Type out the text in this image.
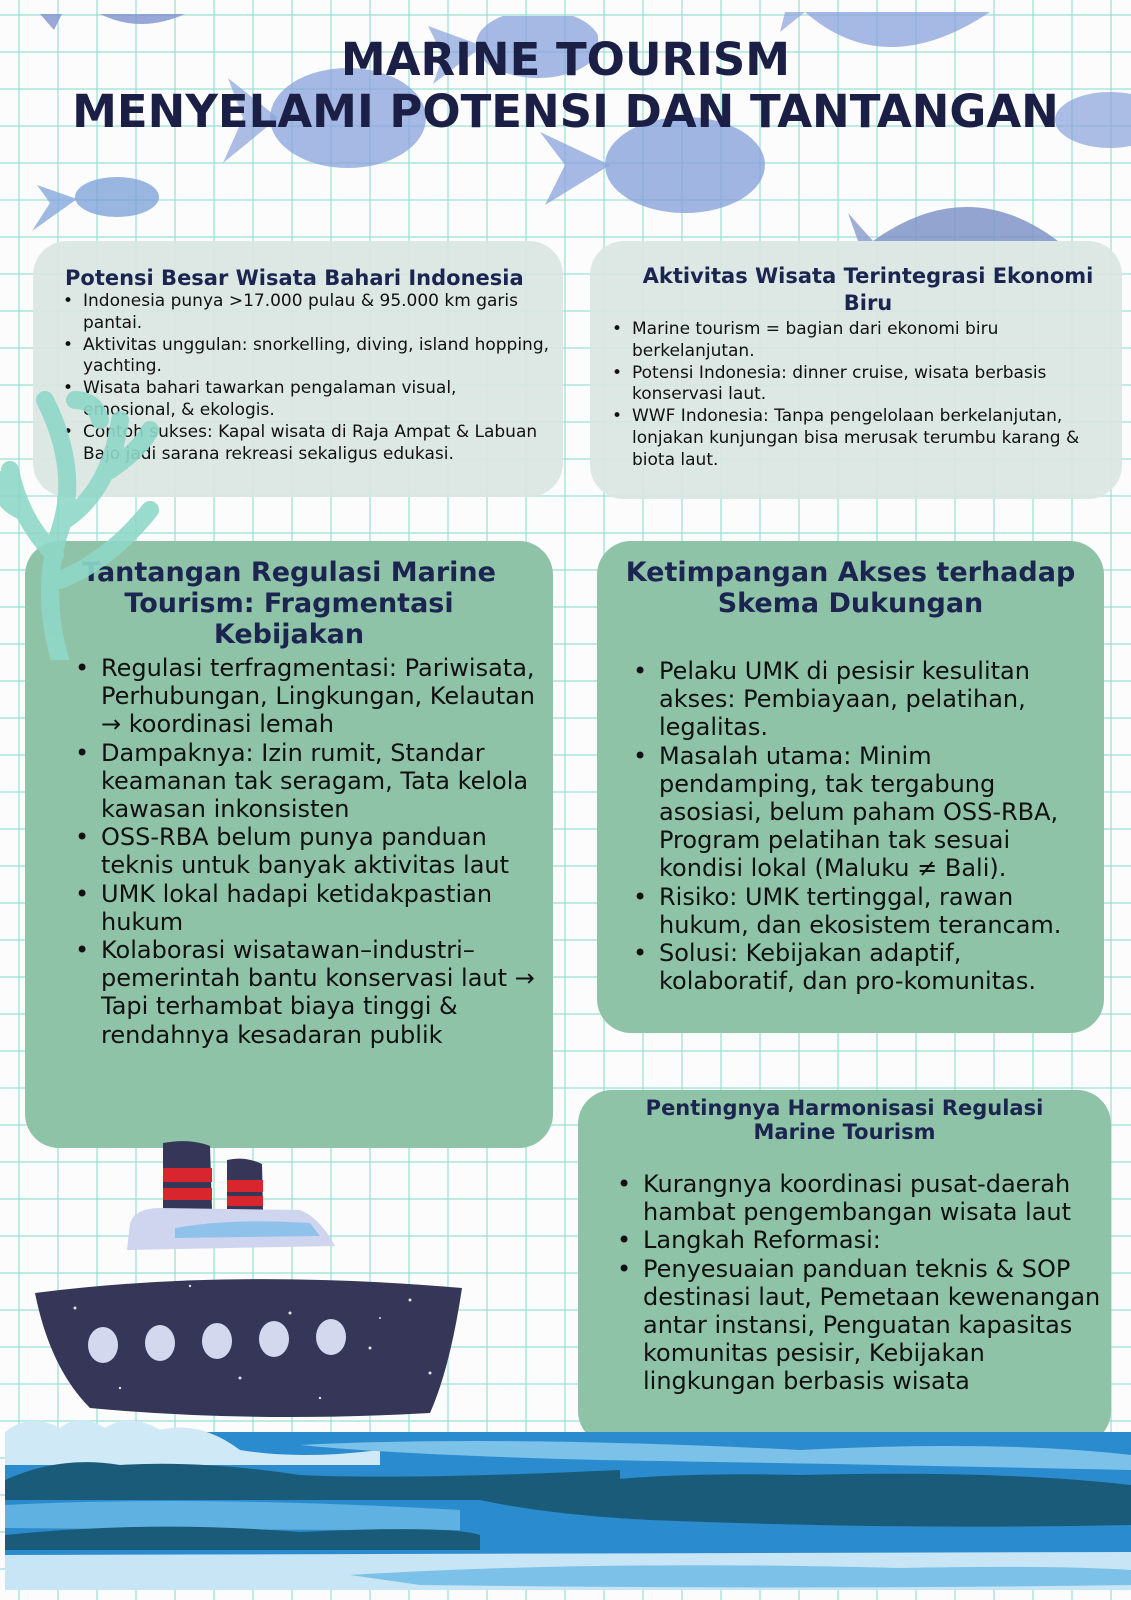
MARINE TOURISM
MENYELAMI POTENSI DAN TANTANGAN
Potensi Besar Wisata Bahari Indonesia
• Indonesia punya >17.000 pulau & 95.000 km garis pantai.
• Aktivitas unggulan: snorkelling, diving, island hopping, yachting.
• Wisata bahari tawarkan pengalaman visual, emosional, & ekologis.
• Contoh sukses: Kapal wisata di Raja Ampat & Labuan Bajo jadi sarana rekreasi sekaligus edukasi.
Aktivitas Wisata Terintegrasi Ekonomi Biru
• Marine tourism = bagian dari ekonomi biru berkelanjutan.
• Potensi Indonesia: dinner cruise, wisata berbasis konservasi laut.
• WWF Indonesia: Tanpa pengelolaan berkelanjutan, lonjakan kunjungan bisa merusak terumbu karang & biota laut.
Tantangan Regulasi Marine Tourism: Fragmentasi Kebijakan
• Regulasi terfragmentasi: Pariwisata, Perhubungan, Lingkungan, Kelautan → koordinasi lemah
• Dampaknya: Izin rumit, Standar keamanan tak seragam, Tata kelola kawasan inkonsisten
• OSS-RBA belum punya panduan teknis untuk banyak aktivitas laut
• UMK lokal hadapi ketidakpastian hukum
• Kolaborasi wisatawan–industri–pemerintah bantu konservasi laut → Tapi terhambat biaya tinggi & rendahnya kesadaran publik
Ketimpangan Akses terhadap Skema Dukungan
• Pelaku UMK di pesisir kesulitan akses: Pembiayaan, pelatihan, legalitas.
• Masalah utama: Minim pendamping, tak tergabung asosiasi, belum paham OSS-RBA, Program pelatihan tak sesuai kondisi lokal (Maluku ≠ Bali).
• Risiko: UMK tertinggal, rawan hukum, dan ekosistem terancam.
• Solusi: Kebijakan adaptif, kolaboratif, dan pro-komunitas.
Pentingnya Harmonisasi Regulasi Marine Tourism
• Kurangnya koordinasi pusat-daerah hambat pengembangan wisata laut
• Langkah Reformasi:
• Penyesuaian panduan teknis & SOP destinasi laut, Pemetaan kewenangan antar instansi, Penguatan kapasitas komunitas pesisir, Kebijakan lingkungan berbasis wisata
